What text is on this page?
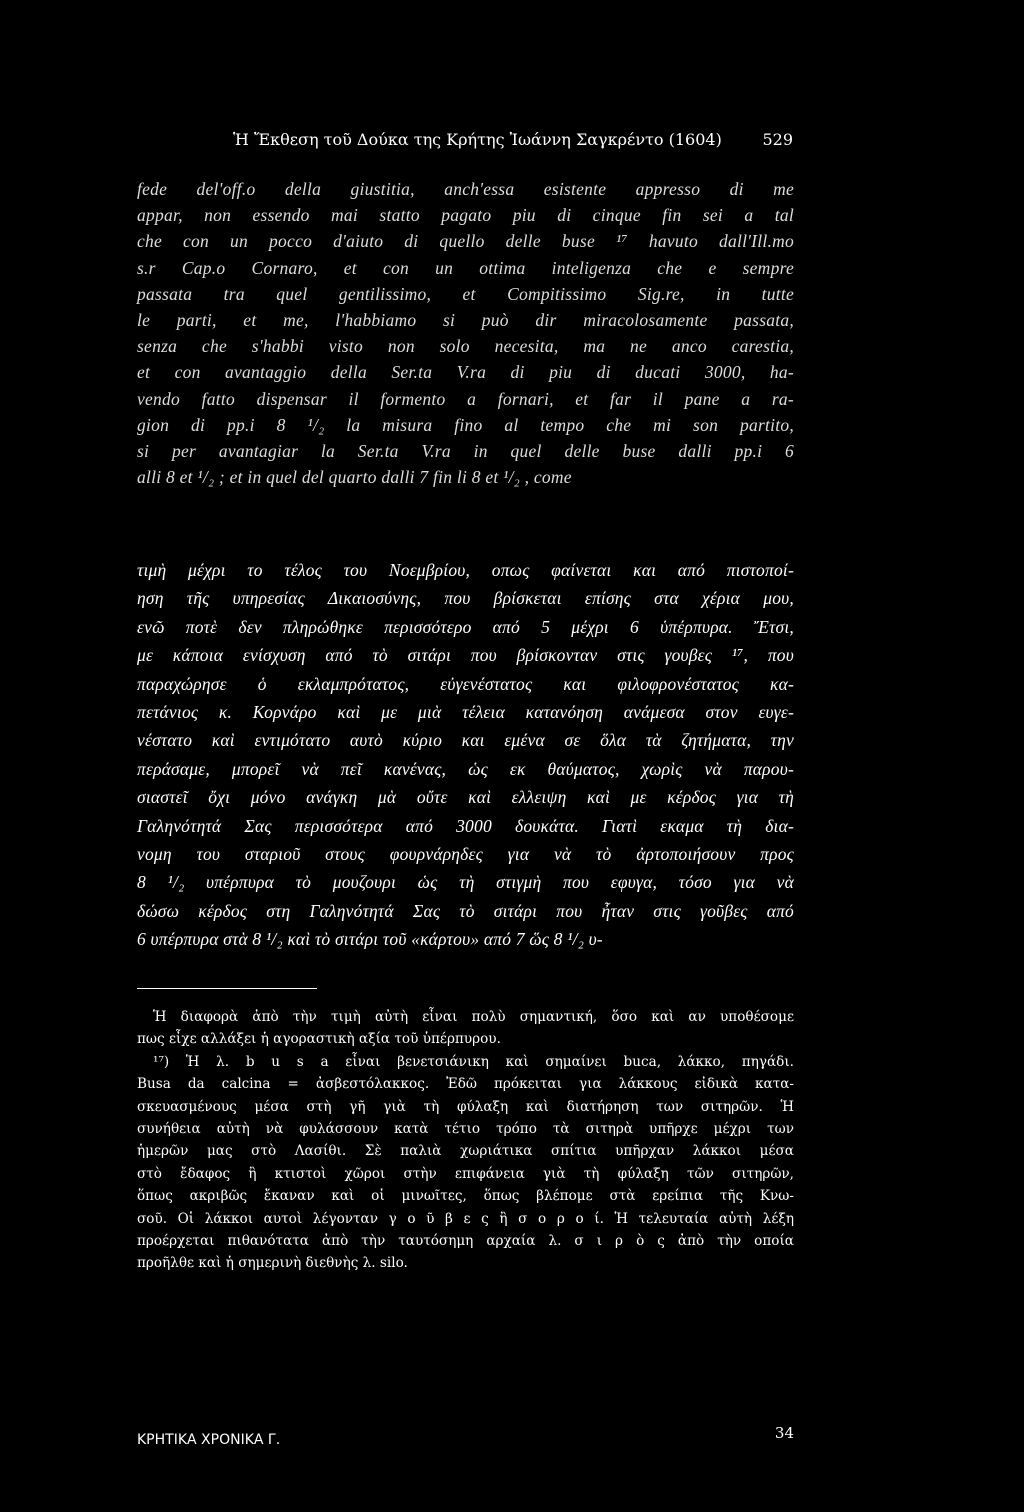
Ἡ Ἔκθεση τοῦ Δούκα της Κρήτης Ἰωάννη Σαγκρέντο (1604)	529
fede del'off.o della giustitia, anch'essa esistente appresso di me
appar, non essendo mai statto pagato piu di cinque fin sei a tal
che con un pocco d'aiuto di quello delle buse ¹⁷ havuto dall'Ill.mo
s.r Cap.o Cornaro, et con un ottima inteligenza che e sempre
passata tra quel gentilissimo, et Compitissimo Sig.re, in tutte
le parti, et me, l'habbiamo si può dir miracolosamente passata,
senza che s'habbi visto non solo necesita, ma ne anco carestia,
et con avantaggio della Ser.ta V.ra di piu di ducati 3000, ha-
vendo fatto dispensar il formento a fornari, et far il pane a ra-
gion di pp.i 8 ¹/₂ la misura fino al tempo che mi son partito,
si per avantagiar la Ser.ta V.ra in quel delle buse dalli pp.i 6
alli 8 et ¹/₂ ; et in quel del quarto dalli 7 fin li 8 et ¹/₂ , come
τιμὴ μέχρι το τέλος του Νοεμβρίου, οπως φαίνεται και από πιστοποί-
ηση τῆς υπηρεσίας Δικαιοσύνης, που βρίσκεται επίσης στα χέρια μου,
ενῶ ποτὲ δεν πληρώθηκε περισσότερο από 5 μέχρι 6 ὑπέρπυρα. Ἔτσι,
με κάποια ενίσχυση από τὸ σιτάρι που βρίσκονταν στις γουβες ¹⁷, που
παραχώρησε ὁ εκλαμπρότατος, εὐγενέστατος και φιλοφρονέστατος κα-
πετάνιος κ. Κορνάρο καὶ με μιὰ τέλεια κατανόηση ανάμεσα στον ευγε-
νέστατο καὶ εντιμότατο αυτὸ κύριο και εμένα σε ὅλα τὰ ζητήματα, την
περάσαμε, μπορεῖ νὰ πεῖ κανένας, ὡς εκ θαύματος, χωρὶς νὰ παρου-
σιαστεῖ ὄχι μόνο ανάγκη μὰ οὔτε καὶ ελλειψη καὶ με κέρδος για τὴ
Γαληνότητά Σας περισσότερα από 3000 δουκάτα. Γιατὶ εκαμα τὴ δια-
νομη του σταριοῦ στους φουρνάρηδες για νὰ τὸ ἀρτοποιήσουν προς
8 ¹/₂ υπέρπυρα τὸ μουζουρι ὡς τὴ στιγμὴ που εφυγα, τόσο για νὰ
δώσω κέρδος στη Γαληνότητά Σας τὸ σιτάρι που ἦταν στις γοῦβες από
6 υπέρπυρα στὰ 8 ¹/₂ καὶ τὸ σιτάρι τοῦ «κάρτου» από 7 ὥς 8 ¹/₂ υ-
Ἡ διαφορὰ ἀπὸ τὴν τιμὴ αὐτὴ εἶναι πολὺ σημαντική, ὅσο καὶ αν υποθέσομε
πως εἶχε αλλάξει ἡ αγοραστικὴ αξία τοῦ ὑπέρπυρου.
¹⁷) Ἡ λ. b u s a εἶναι βενετσιάνικη καὶ σημαίνει buca, λάκκο, πηγάδι.
Busa da calcina = ἀσβεστόλακκος. Ἐδῶ πρόκειται για λάκκους εἰδικὰ κατα-
σκευασμένους μέσα στὴ γῆ γιὰ τὴ φύλαξη καὶ διατήρηση των σιτηρῶν. Ἡ
συνήθεια αὐτὴ νὰ φυλάσσουν κατὰ τέτιο τρόπο τὰ σιτηρὰ υπῆρχε μέχρι των
ἡμερῶν μας στὸ Λασίθι. Σὲ παλιὰ χωριάτικα σπίτια υπῆρχαν λάκκοι μέσα
στὸ ἔδαφος ἢ κτιστοὶ χῶροι στὴν επιφάνεια γιὰ τὴ φύλαξη τῶν σιτηρῶν,
ὅπως ακριβῶς ἔκαναν καὶ οἱ μινωῖτες, ὅπως βλέπομε στὰ ερείπια τῆς Κνω-
σοῦ. Οἱ λάκκοι αυτοὶ λέγονταν γ ο ῦ β ε ς ἢ σ ο ρ ο ί. Ἡ τελευταία αὐτὴ λέξη
προέρχεται πιθανότατα ἀπὸ τὴν ταυτόσημη αρχαία λ. σ ι ρ ὸ ς ἀπὸ τὴν οποία
προῆλθε καὶ ἡ σημερινὴ διεθνὴς λ. silo.
ΚΡΗΤΙΚΑ ΧΡΟΝΙΚΑ Γ.	34
